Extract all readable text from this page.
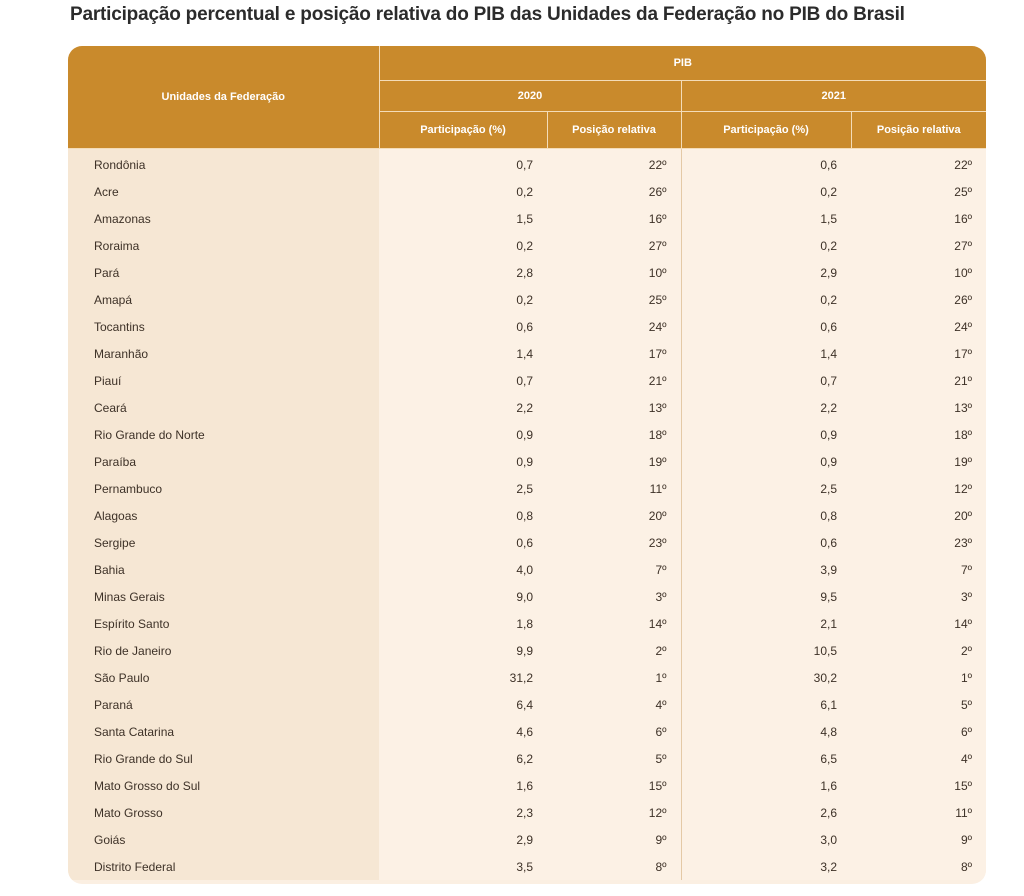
Participação percentual e posição relativa do PIB das Unidades da Federação no PIB do Brasil
Unidades da Federação	PIB			
	2020		2021	
	Participação (%)	Posição relativa	Participação (%)	Posição relativa
Rondônia	0,7	22º	0,6	22º
Acre	0,2	26º	0,2	25º
Amazonas	1,5	16º	1,5	16º
Roraima	0,2	27º	0,2	27º
Pará	2,8	10º	2,9	10º
Amapá	0,2	25º	0,2	26º
Tocantins	0,6	24º	0,6	24º
Maranhão	1,4	17º	1,4	17º
Piauí	0,7	21º	0,7	21º
Ceará	2,2	13º	2,2	13º
Rio Grande do Norte	0,9	18º	0,9	18º
Paraíba	0,9	19º	0,9	19º
Pernambuco	2,5	11º	2,5	12º
Alagoas	0,8	20º	0,8	20º
Sergipe	0,6	23º	0,6	23º
Bahia	4,0	7º	3,9	7º
Minas Gerais	9,0	3º	9,5	3º
Espírito Santo	1,8	14º	2,1	14º
Rio de Janeiro	9,9	2º	10,5	2º
São Paulo	31,2	1º	30,2	1º
Paraná	6,4	4º	6,1	5º
Santa Catarina	4,6	6º	4,8	6º
Rio Grande do Sul	6,2	5º	6,5	4º
Mato Grosso do Sul	1,6	15º	1,6	15º
Mato Grosso	2,3	12º	2,6	11º
Goiás	2,9	9º	3,0	9º
Distrito Federal	3,5	8º	3,2	8º
